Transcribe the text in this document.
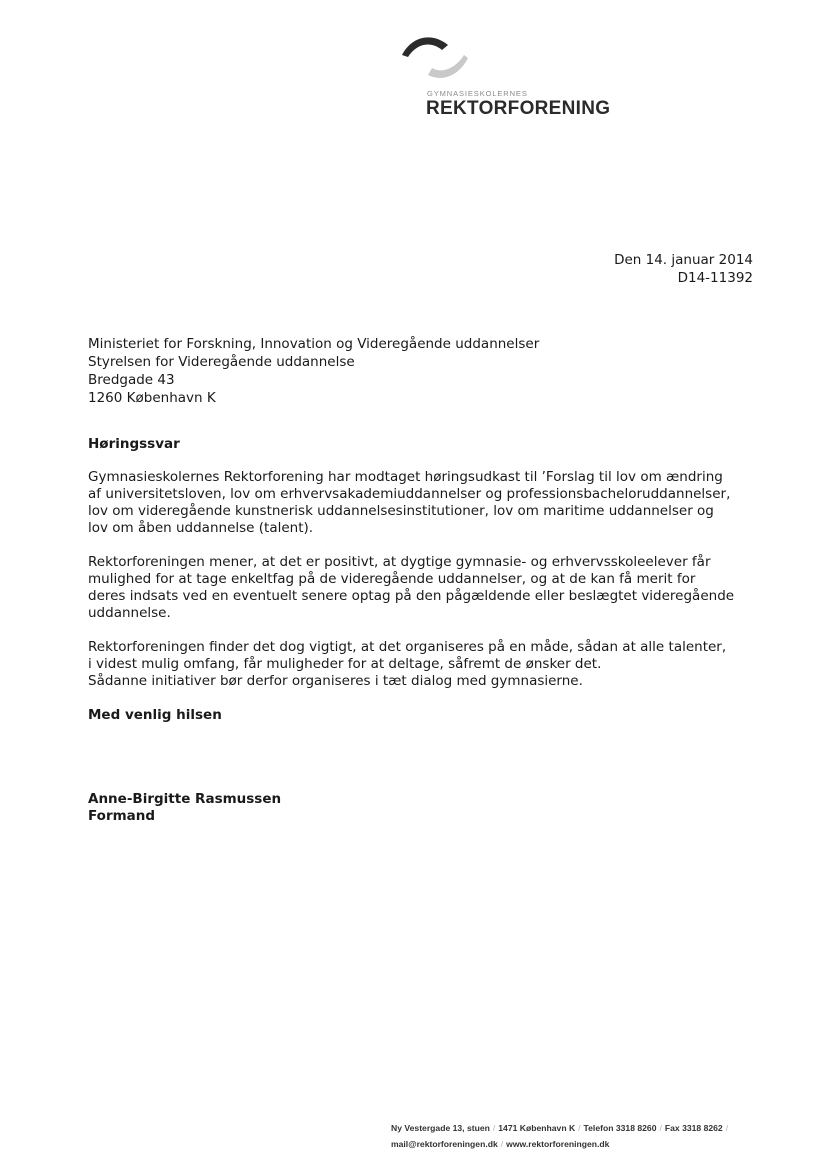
GYMNASIESKOLERNES
REKTORFORENING
Den 14. januar 2014
D14-11392
Ministeriet for Forskning, Innovation og Videregående uddannelser
Styrelsen for Videregående uddannelse
Bredgade 43
1260 København K
Høringssvar
Gymnasieskolernes Rektorforening har modtaget høringsudkast til ’Forslag til lov om ændring
af universitetsloven, lov om erhvervsakademiuddannelser og professionsbacheloruddannelser,
lov om videregående kunstnerisk uddannelsesinstitutioner, lov om maritime uddannelser og
lov om åben uddannelse (talent).
Rektorforeningen mener, at det er positivt, at dygtige gymnasie- og erhvervsskoleelever får
mulighed for at tage enkeltfag på de videregående uddannelser, og at de kan få merit for
deres indsats ved en eventuelt senere optag på den pågældende eller beslægtet videregående
uddannelse.
Rektorforeningen finder det dog vigtigt, at det organiseres på en måde, sådan at alle talenter,
i videst mulig omfang, får muligheder for at deltage, såfremt de ønsker det.
Sådanne initiativer bør derfor organiseres i tæt dialog med gymnasierne.
Med venlig hilsen
Anne-Birgitte Rasmussen
Formand
Ny Vestergade 13, stuen / 1471 København K / Telefon 3318 8260 / Fax 3318 8262 /
mail@rektorforeningen.dk / www.rektorforeningen.dk
